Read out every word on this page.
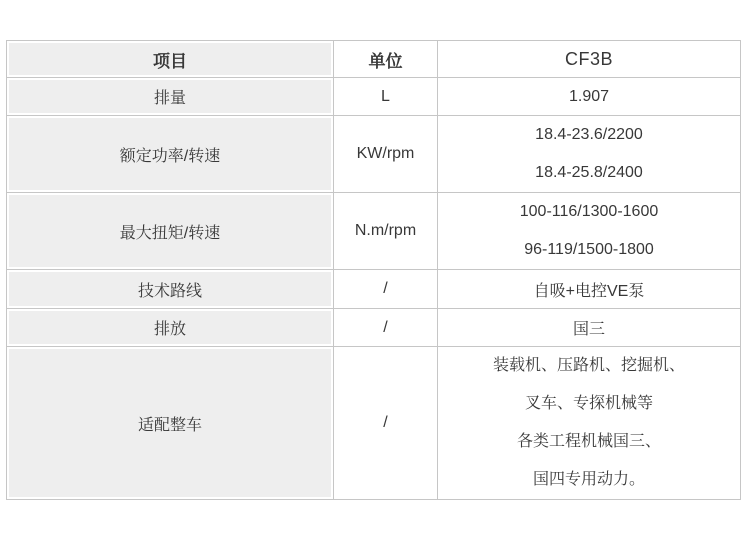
项目	单位	CF3B
排量	L	1.907
额定功率/转速	KW/rpm	18.4-23.6/2200
18.4-25.8/2400

最大扭矩/转速	N.m/rpm	100-116/1300-1600
96-119/1500-1800

技术路线	/	自吸+电控VE泵
排放	/	国三
适配整车	/	装载机、压路机、挖掘机、
叉车、专探机械等
各类工程机械国三、
国四专用动力。
